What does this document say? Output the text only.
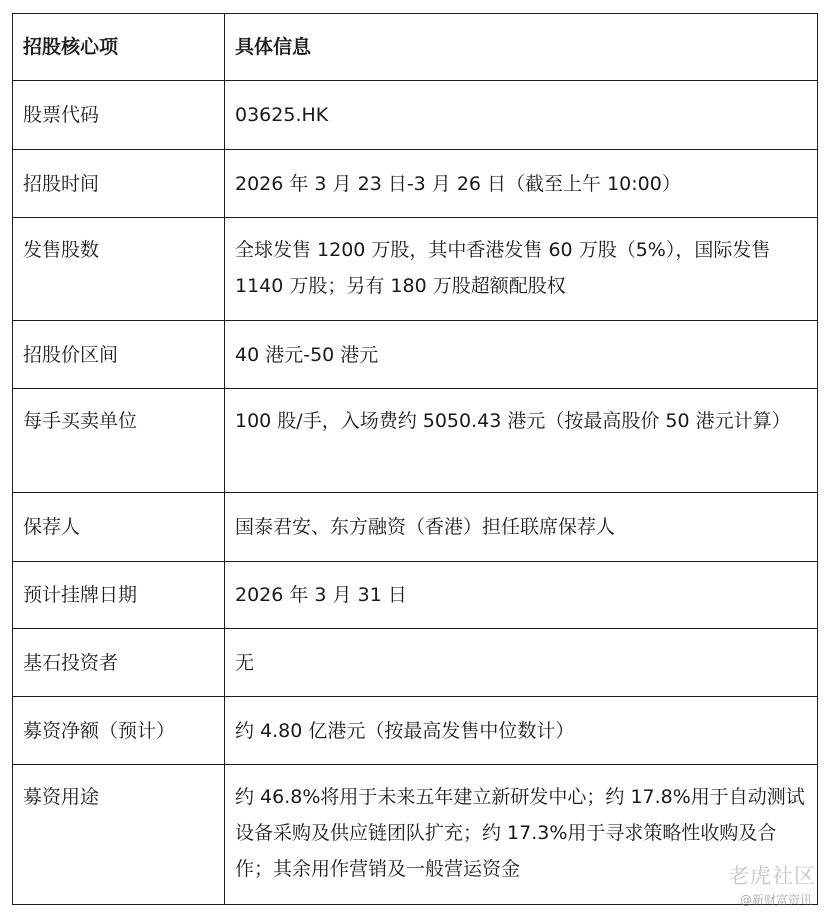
招股核心项	具体信息
股票代码	03625.HK
招股时间	2026 年 3 月 23 日-3 月 26 日（截至上午 10:00）
发售股数	全球发售 1200 万股，其中香港发售 60 万股（5%），国际发售 1140 万股；另有 180 万股超额配股权
招股价区间	40 港元-50 港元
每手买卖单位	100 股/手，入场费约 5050.43 港元（按最高股价 50 港元计算）
保荐人	国泰君安、东方融资（香港）担任联席保荐人
预计挂牌日期	2026 年 3 月 31 日
基石投资者	无
募资净额（预计）	约 4.80 亿港元（按最高发售中位数计）
募资用途	约 46.8%将用于未来五年建立新研发中心；约 17.8%用于自动测试设备采购及供应链团队扩充；约 17.3%用于寻求策略性收购及合作；其余用作营销及一般营运资金	老虎社区
@新财富资讯
